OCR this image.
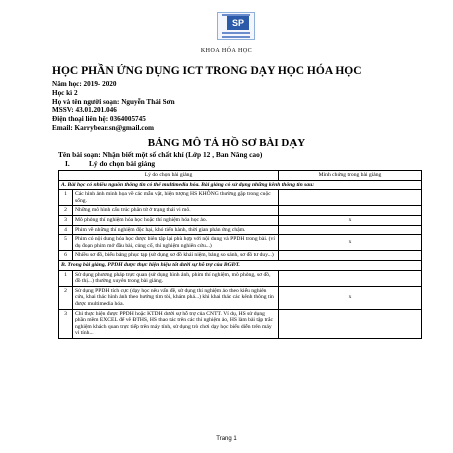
SP
KHOA HÓA HỌC
HỌC PHẦN ỨNG DỤNG ICT TRONG DẠY HỌC HÓA HỌC
Năm học: 2019- 2020
Học kì 2
Họ và tên người soạn: Nguyễn Thái Sơn
MSSV: 43.01.201.046
Điện thoại liên hệ: 0364005745
Email: Karrybear.sn@gmail.com
BẢNG MÔ TẢ HỒ SƠ BÀI DẠY
Tên bài soạn: Nhận biết một số chất khí (Lớp 12 , Ban Nâng cao)
I.	Lý do chọn bài giảng
Lý do chọn bài giảng		Minh chứng trong bài giảng
A. Bài học có nhiều nguồn thông tin có thể multimedia hóa. Bài giảng có sử dụng những kênh thông tin sau:		
1	Các hình ảnh minh họa về các mẫu vật, hiện tượng HS KHÔNG thường gặp trong cuộc sống.	
2	Những mô hình cấu trúc phân tử ở trạng thái vi mô.	
3	Mô phỏng thí nghiệm hóa học hoặc thí nghiệm hóa học ảo.	x
4	Phim về những thí nghiệm độc hại, khó tiến hành, thời gian phản ứng chậm.	
5	Phim có nội dung hóa học được biên tập lại phù hợp với nội dung và PPDH trong bài. (ví dụ đoạn phim mở đầu bài, củng cố, thí nghiệm nghiên cứu...)	x
6	Nhiều sơ đồ, biểu bảng phục tạp (sử dụng sơ đồ khái niệm, bảng so sánh, sơ đồ tư duy...)	
B. Trong bài giảng, PPDH được thực hiện hiệu tốt dưới sự hỗ trợ của BGĐT.		
1	Sử dụng phương pháp trực quan (sử dụng hình ảnh, phim thí nghiệm, mô phỏng, sơ đồ, đồ thị...) thường xuyên trong bài giảng.	
2	Sử dụng PPDH tích cực (dạy học nêu vấn đề, sử dụng thí nghiệm ảo theo kiểu nghiên cứu, khai thác hình ảnh theo hướng tìm tòi, khám phá...) khi khai thác các kênh thông tin được multimedia hóa.	x
3	Chỉ thực hiện được PPDH hoặc KTDH dưới sự hỗ trợ của CNTT. Ví dụ, HS sử dụng phần mềm EXCEL để vẽ ĐTHS, HS thao tác trên các thí nghiệm ảo, HS làm bài tập trắc nghiệm khách quan trực tiếp trên máy tính, sử dụng trò chơi dạy học biểu diễn trên máy vi tính...	
Trang 1
